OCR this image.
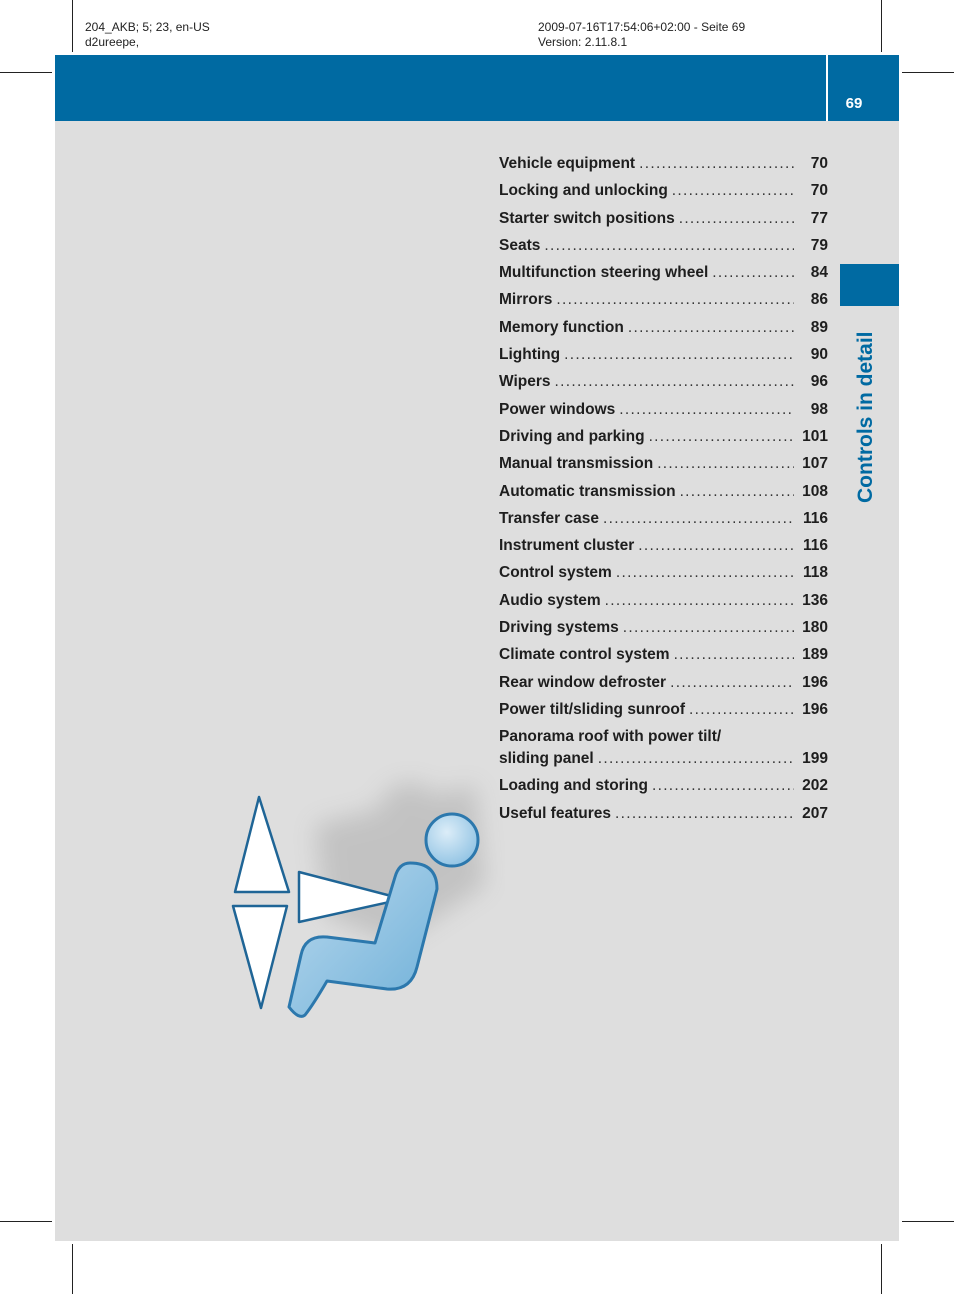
204_AKB; 5; 23, en-US
d2ureepe,
2009-07-16T17:54:06+02:00 - Seite 69
Version: 2.11.8.1
69
Controls in detail
Vehicle equipment . . .	70
Locking and unlocking . . .	70
Starter switch positions . . .	77
Seats . . .	79
Multifunction steering wheel . . .	84
Mirrors . . .	86
Memory function . . .	89
Lighting . . .	90
Wipers . . .	96
Power windows . . .	98
Driving and parking . . .	101
Manual transmission . . .	107
Automatic transmission . . .	108
Transfer case . . .	116
Instrument cluster . . .	116
Control system . . .	118
Audio system . . .	136
Driving systems . . .	180
Climate control system . . .	189
Rear window defroster . . .	196
Power tilt/sliding sunroof . . .	196
Panorama roof with power tilt/
sliding panel . . .	199
Loading and storing . . .	202
Useful features . . .	207
